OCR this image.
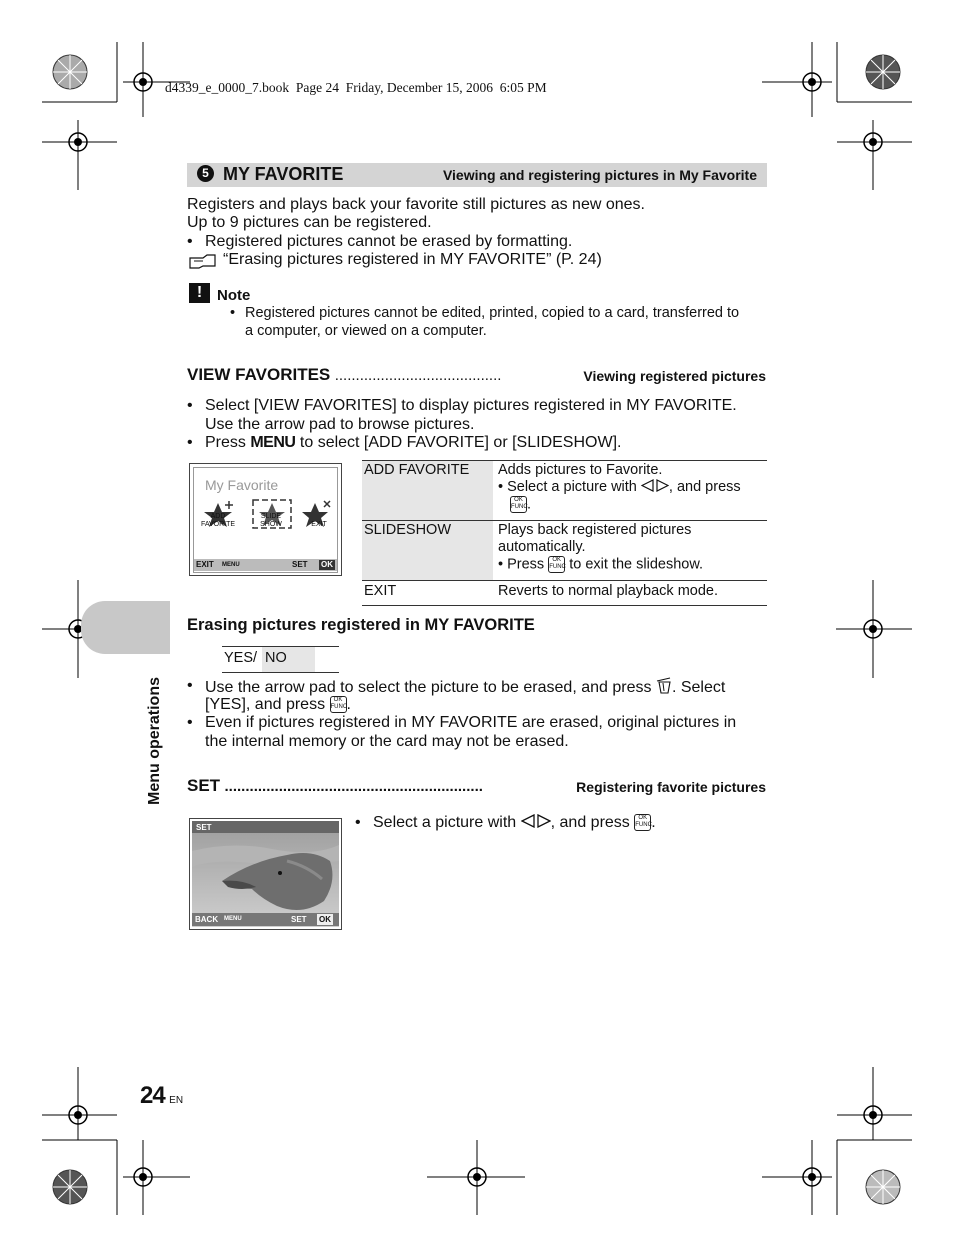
d4339_e_0000_7.book  Page 24  Friday, December 15, 2006  6:05 PM
5 MY FAVORITE	Viewing and registering pictures in My Favorite
Registers and plays back your favorite still pictures as new ones.
Up to 9 pictures can be registered.
• Registered pictures cannot be erased by formatting.
“Erasing pictures registered in MY FAVORITE” (P. 24)
! Note
• Registered pictures cannot be edited, printed, copied to a card, transferred to
a computer, or viewed on a computer.
VIEW FAVORITES ........................................	Viewing registered pictures
• Select [VIEW FAVORITES] to display pictures registered in MY FAVORITE.
Use the arrow pad to browse pictures.
• Press MENU to select [ADD FAVORITE] or [SLIDESHOW].
My Favorite
ADD
FAVORITE
SLIDE
SHOW	EXIT
EXIT MENU	SET OK
ADD FAVORITE	Adds pictures to Favorite.
• Select a picture with , and press
OK
FUNC.

SLIDESHOW	Plays back registered pictures
automatically.
• Press OK
FUNC to exit the slideshow.

EXIT	Reverts to normal playback mode.
Menu operations
Erasing pictures registered in MY FAVORITE
YES/ NO
• Use the arrow pad to select the picture to be erased, and press . Select
[YES], and press OK
FUNC.
• Even if pictures registered in MY FAVORITE are erased, original pictures in
the internal memory or the card may not be erased.
SET ..............................................................	Registering favorite pictures
SET
BACK MENU	SET OK
• Select a picture with , and press OK
FUNC.
24 EN
